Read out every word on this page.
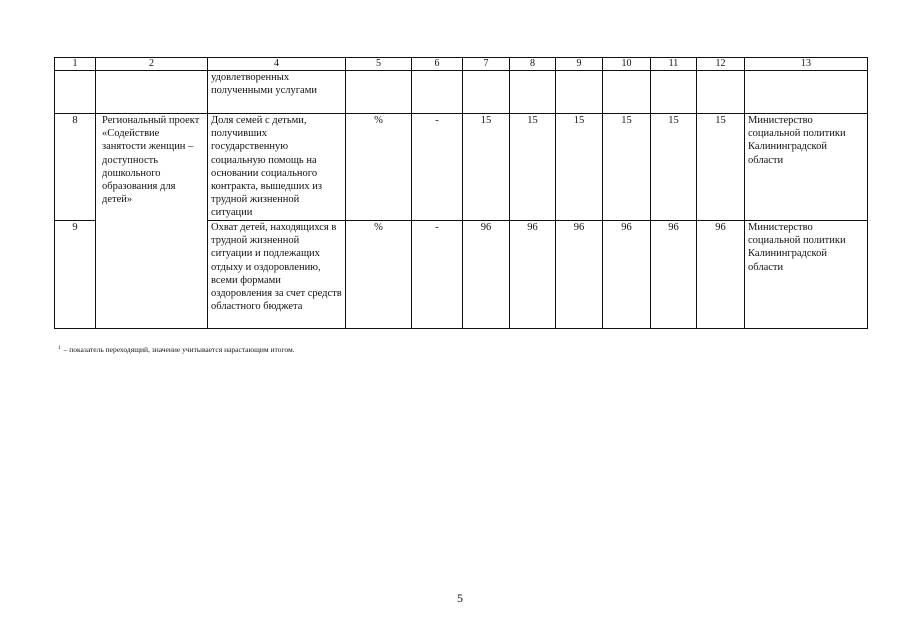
1	2	4	5	6	7	8	9	10	11	12	13
		удовлетворенных полученными услугами									
8	Региональный проект «Содействие занятости женщин – доступность дошкольного образования для детей»	Доля семей с детьми, получивших государственную социальную помощь на основании социального контракта, вышедших из трудной жизненной ситуации	%	-	15	15	15	15	15	15	Министерство социальной политики Калининградской области
9		Охват детей, находящихся в трудной жизненной ситуации и подлежащих отдыху и оздоровлению, всеми формами оздоровления за счет средств областного бюджета	%	-	96	96	96	96	96	96	Министерство социальной политики Калининградской области
$^1$ – показатель переходящий, значение учитывается нарастающим итогом.
5
